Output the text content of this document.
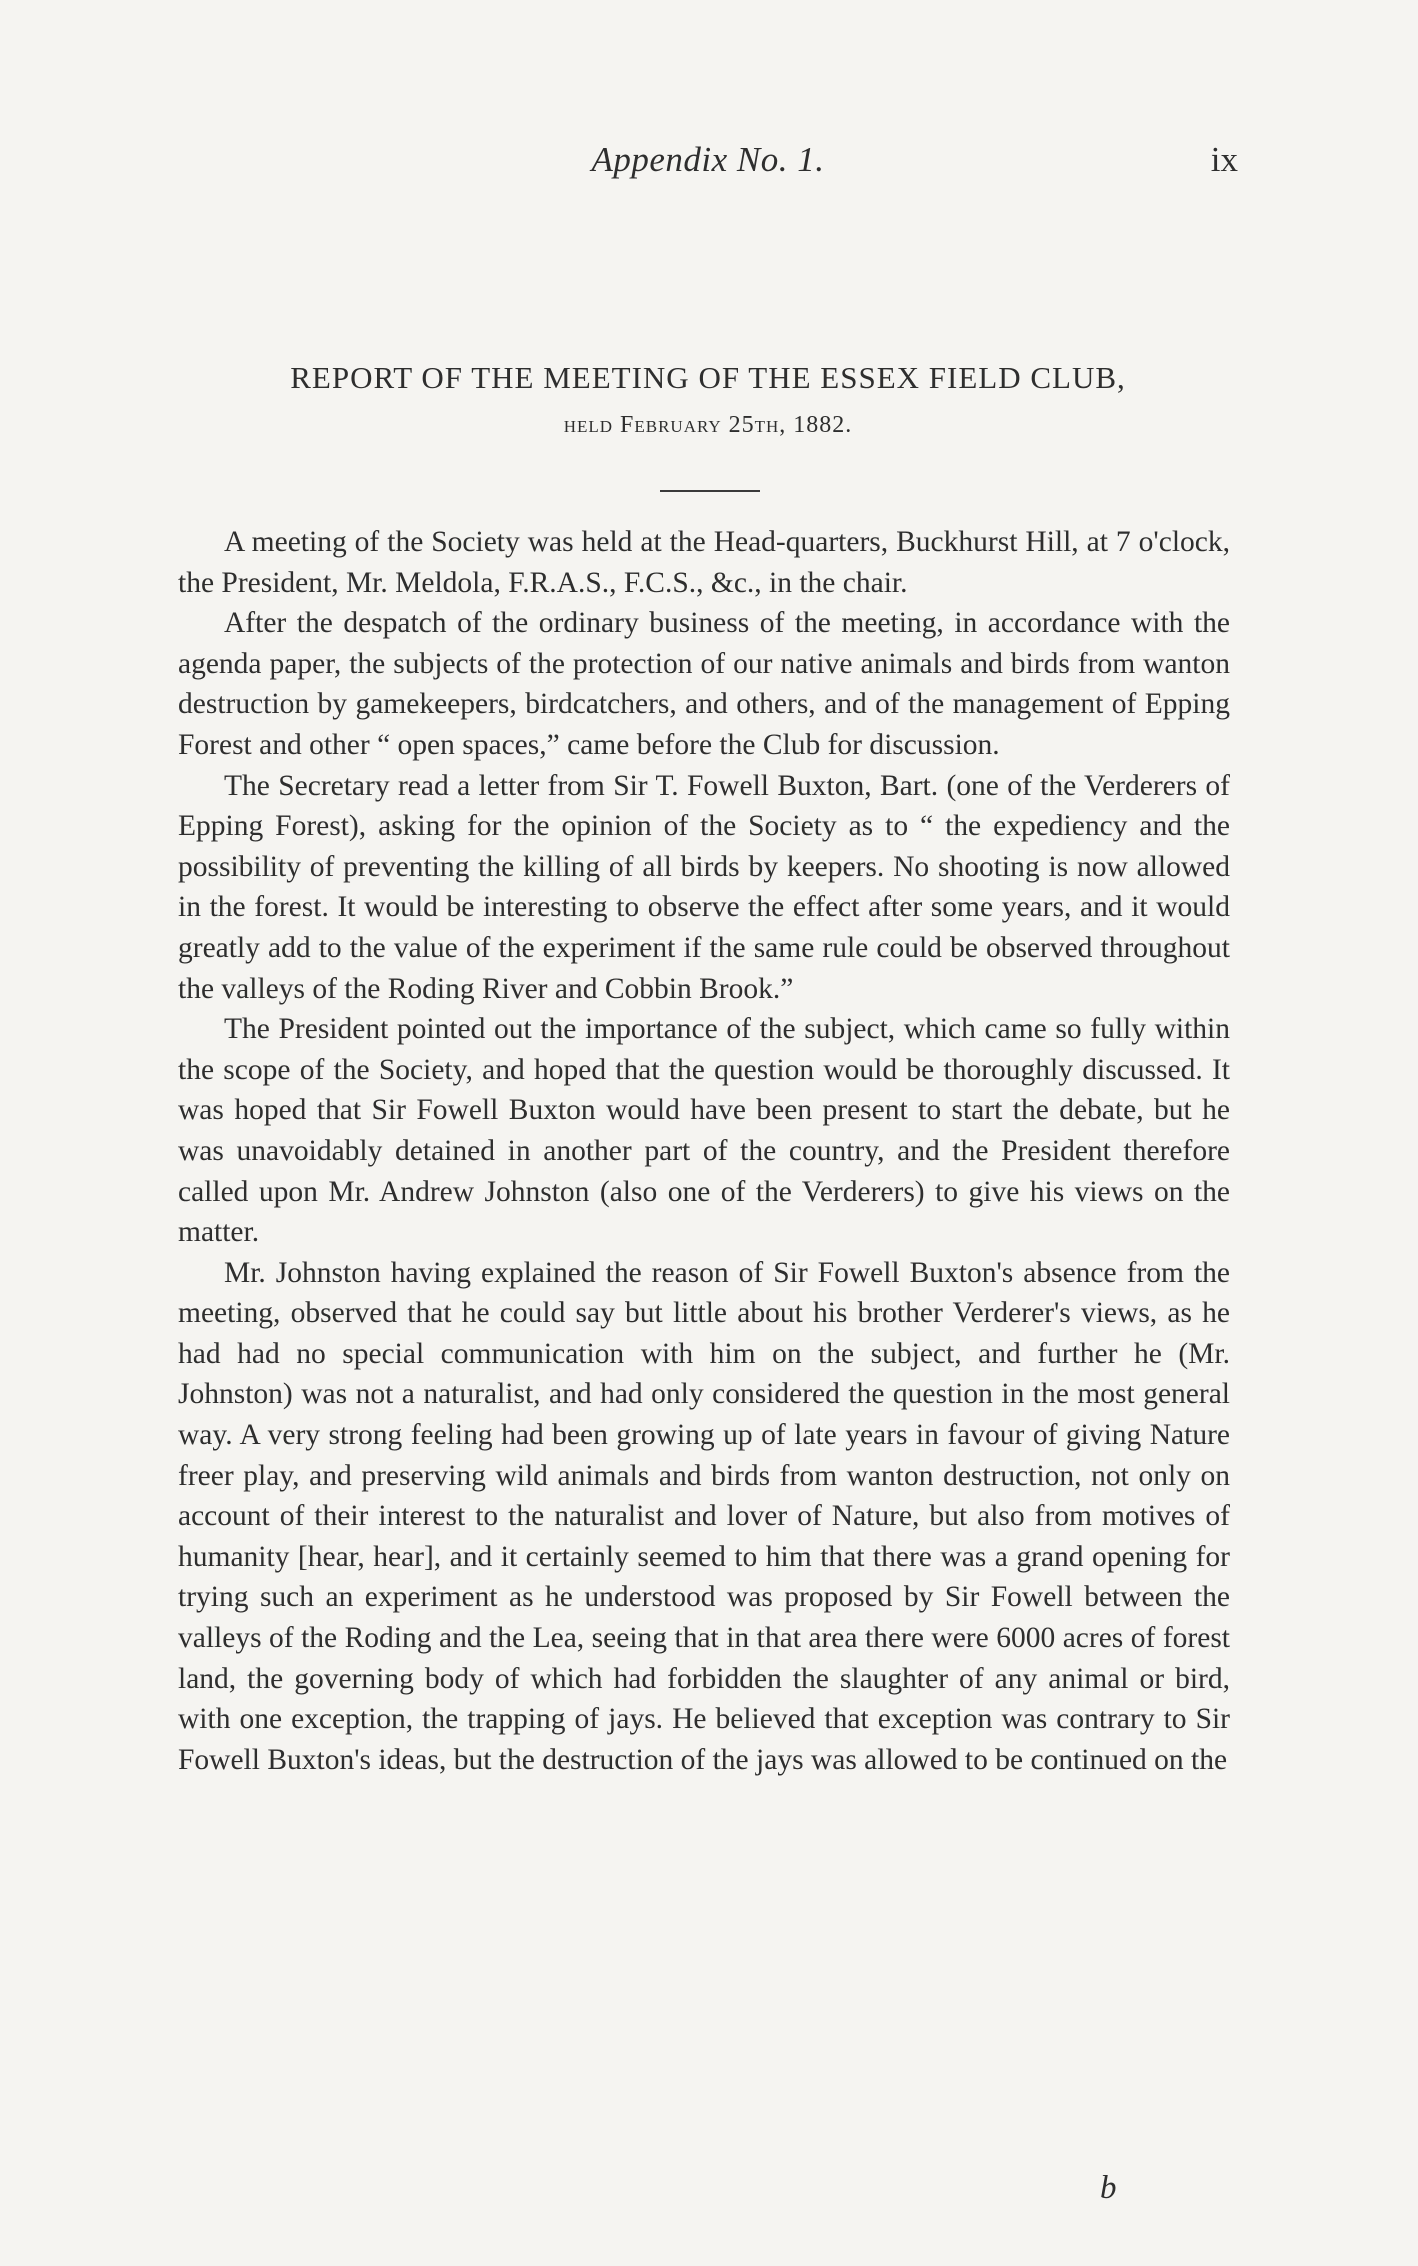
Appendix No. 1.	ix
REPORT OF THE MEETING OF THE ESSEX FIELD CLUB,
held February 25th, 1882.

A meeting of the Society was held at the Head-quarters, Buckhurst Hill, at 7 o'clock, the President, Mr. Meldola, F.R.A.S., F.C.S., &c., in the chair.

After the despatch of the ordinary business of the meeting, in accordance with the agenda paper, the subjects of the protection of our native animals and birds from wanton destruction by gamekeepers, birdcatchers, and others, and of the management of Epping Forest and other “ open spaces,” came before the Club for discussion.

The Secretary read a letter from Sir T. Fowell Buxton, Bart. (one of the Verderers of Epping Forest), asking for the opinion of the Society as to “ the expediency and the possibility of preventing the killing of all birds by keepers. No shooting is now allowed in the forest. It would be interesting to observe the effect after some years, and it would greatly add to the value of the experiment if the same rule could be observed throughout the valleys of the Roding River and Cobbin Brook.”

The President pointed out the importance of the subject, which came so fully within the scope of the Society, and hoped that the question would be thoroughly discussed. It was hoped that Sir Fowell Buxton would have been present to start the debate, but he was unavoidably detained in another part of the country, and the President therefore called upon Mr. Andrew Johnston (also one of the Verderers) to give his views on the matter.

Mr. Johnston having explained the reason of Sir Fowell Buxton's absence from the meeting, observed that he could say but little about his brother Verderer's views, as he had had no special communication with him on the subject, and further he (Mr. Johnston) was not a naturalist, and had only considered the question in the most general way. A very strong feeling had been growing up of late years in favour of giving Nature freer play, and preserving wild animals and birds from wanton destruction, not only on account of their interest to the naturalist and lover of Nature, but also from motives of humanity [hear, hear], and it certainly seemed to him that there was a grand opening for trying such an experiment as he understood was proposed by Sir Fowell between the valleys of the Roding and the Lea, seeing that in that area there were 6000 acres of forest land, the governing body of which had forbidden the slaughter of any animal or bird, with one exception, the trapping of jays. He believed that exception was contrary to Sir Fowell Buxton's ideas, but the destruction of the jays was allowed to be continued on the

b
